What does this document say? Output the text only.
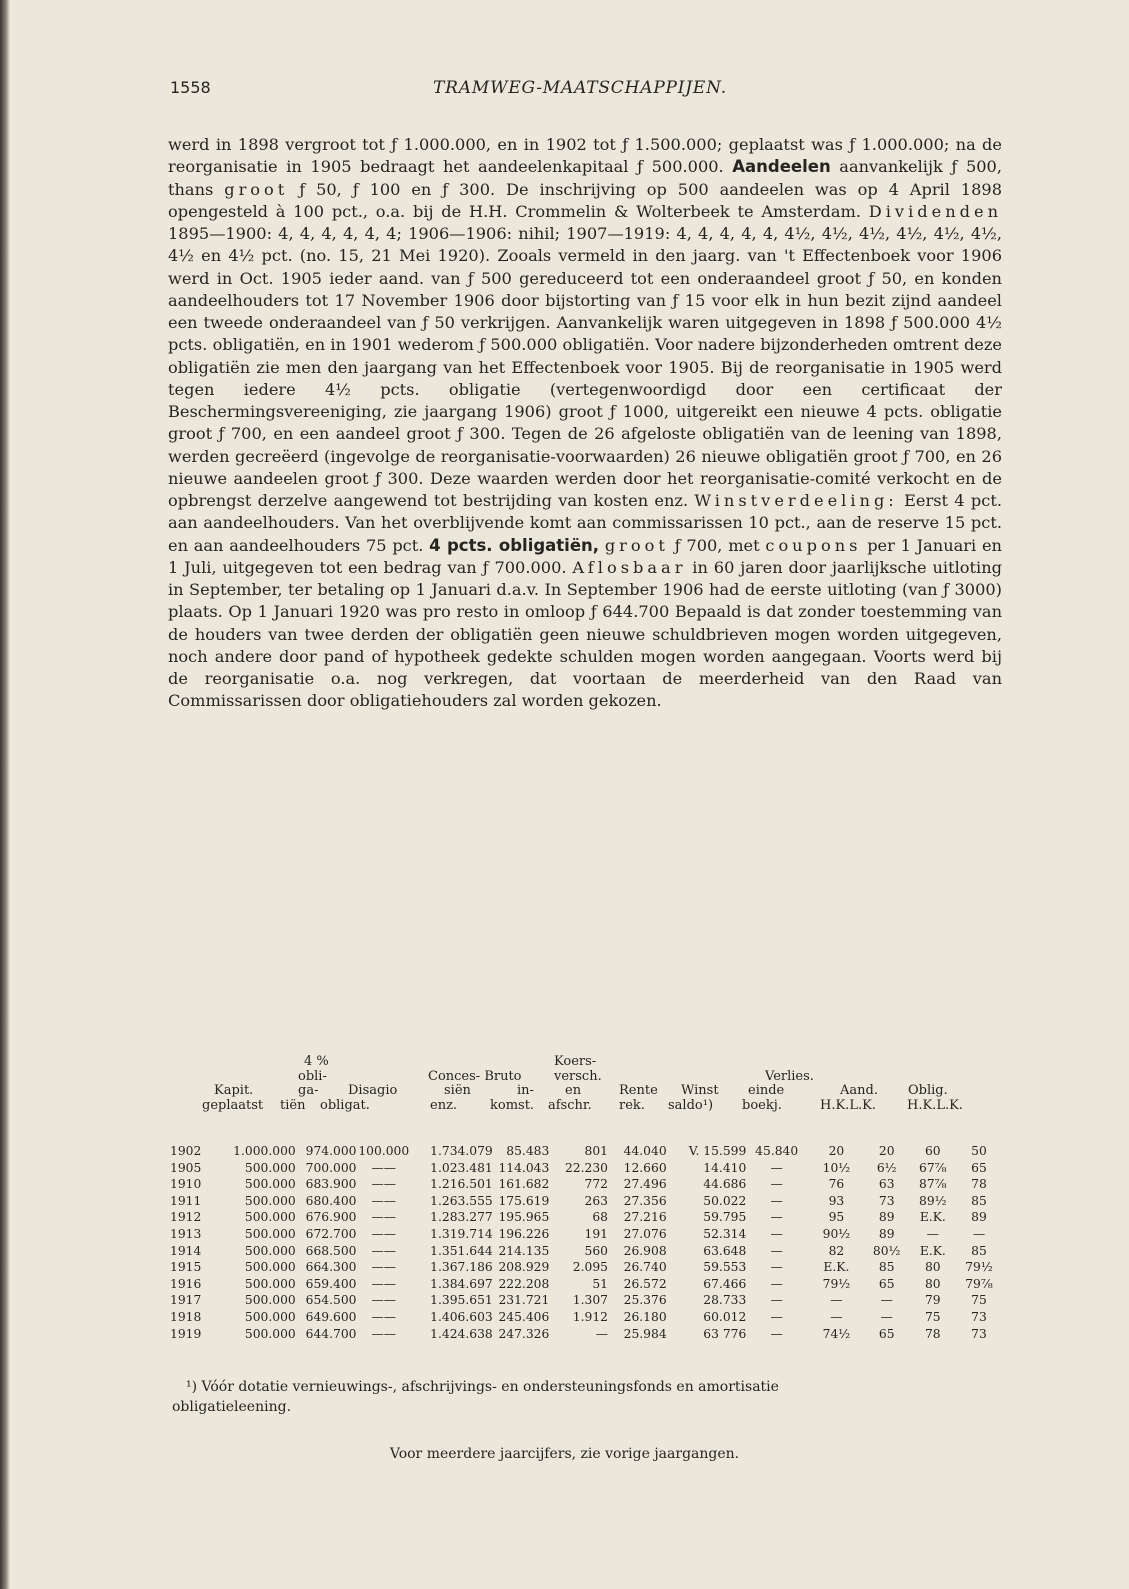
1558	TRAMWEG-MAATSCHAPPIJEN.

werd in 1898 vergroot tot ƒ 1.000.000, en in 1902 tot ƒ 1.500.000; geplaatst was ƒ 1.000.000; na de reorganisatie in 1905 bedraagt het aandeelenkapitaal ƒ 500.000. Aandeelen aanvankelijk ƒ 500, thans groot ƒ 50, ƒ 100 en ƒ 300. De inschrijving op 500 aandeelen was op 4 April 1898 opengesteld à 100 pct., o.a. bij de H.H. Crommelin & Wolterbeek te Amsterdam. Dividenden 1895—1900: 4, 4, 4, 4, 4, 4; 1906—1906: nihil; 1907—1919: 4, 4, 4, 4, 4, 4½, 4½, 4½, 4½, 4½, 4½, 4½ en 4½ pct. (no. 15, 21 Mei 1920). Zooals vermeld in den jaarg. van 't Effectenboek voor 1906 werd in Oct. 1905 ieder aand. van ƒ 500 gereduceerd tot een onderaandeel groot ƒ 50, en konden aandeelhouders tot 17 November 1906 door bijstorting van ƒ 15 voor elk in hun bezit zijnd aandeel een tweede onderaandeel van ƒ 50 verkrijgen. Aanvankelijk waren uitgegeven in 1898 ƒ 500.000 4½ pcts. obligatiën, en in 1901 wederom ƒ 500.000 obligatiën. Voor nadere bijzonderheden omtrent deze obligatiën zie men den jaargang van het Effectenboek voor 1905. Bij de reorganisatie in 1905 werd tegen iedere 4½ pcts. obligatie (vertegenwoordigd door een certificaat der Beschermingsvereeniging, zie jaargang 1906) groot ƒ 1000, uitgereikt een nieuwe 4 pcts. obligatie groot ƒ 700, en een aandeel groot ƒ 300. Tegen de 26 afgeloste obligatiën van de leening van 1898, werden gecreëerd (ingevolge de reorganisatie-voorwaarden) 26 nieuwe obligatiën groot ƒ 700, en 26 nieuwe aandeelen groot ƒ 300. Deze waarden werden door het reorganisatie-comité verkocht en de opbrengst derzelve aangewend tot bestrijding van kosten enz. Winstverdeeling: Eerst 4 pct. aan aandeelhouders. Van het overblijvende komt aan commissarissen 10 pct., aan de reserve 15 pct. en aan aandeelhouders 75 pct. 4 pcts. obligatiën, groot ƒ 700, met coupons per 1 Januari en 1 Juli, uitgegeven tot een bedrag van ƒ 700.000. Aflosbaar in 60 jaren door jaarlijksche uitloting in September, ter betaling op 1 Januari d.a.v. In September 1906 had de eerste uitloting (van ƒ 3000) plaats. Op 1 Januari 1920 was pro resto in omloop ƒ 644.700 Bepaald is dat zonder toestemming van de houders van twee derden der obligatiën geen nieuwe schuldbrieven mogen worden uitgegeven, noch andere door pand of hypotheek gedekte schulden mogen worden aangegaan. Voorts werd bij de reorganisatie o.a. nog verkregen, dat voortaan de meerderheid van den Raad van Commissarissen door obligatiehouders zal worden gekozen.

4 %	Koers-
obli-	Conces- Bruto versch.	Verlies.
Kapit.	ga- Disagio	siën	in- en	Rente Winst einde	Aand. Oblig.
geplaatst tiën obligat.	enz.	komst. afschr. rek. saldo¹) boekj.	H.K.L.K. H.K.L.K.
1902	1.000.000	974.000	100.000	1.734.079	85.483	801	44.040	V. 15.599	45.840	20	20	60	50
1905	500.000	700.000	——	1.023.481	114.043	22.230	12.660	14.410	—	10½	6½	67⅞	65
1910	500.000	683.900	——	1.216.501	161.682	772	27.496	44.686	—	76	63	87⅞	78
1911	500.000	680.400	——	1.263.555	175.619	263	27.356	50.022	—	93	73	89½	85
1912	500.000	676.900	——	1.283.277	195.965	68	27.216	59.795	—	95	89	E.K.	89
1913	500.000	672.700	——	1.319.714	196.226	191	27.076	52.314	—	90½	89	—	—
1914	500.000	668.500	——	1.351.644	214.135	560	26.908	63.648	—	82	80½	E.K.	85
1915	500.000	664.300	——	1.367.186	208.929	2.095	26.740	59.553	—	E.K.	85	80	79½
1916	500.000	659.400	——	1.384.697	222.208	51	26.572	67.466	—	79½	65	80	79⅞
1917	500.000	654.500	——	1.395.651	231.721	1.307	25.376	28.733	—	—	—	79	75
1918	500.000	649.600	——	1.406.603	245.406	1.912	26.180	60.012	—	—	—	75	73
1919	500.000	644.700	——	1.424.638	247.326	—	25.984	63 776	—	74½	65	78	73
¹) Vóór dotatie vernieuwings-, afschrijvings- en ondersteuningsfonds en amortisatie
obligatieleening.
Voor meerdere jaarcijfers, zie vorige jaargangen.
